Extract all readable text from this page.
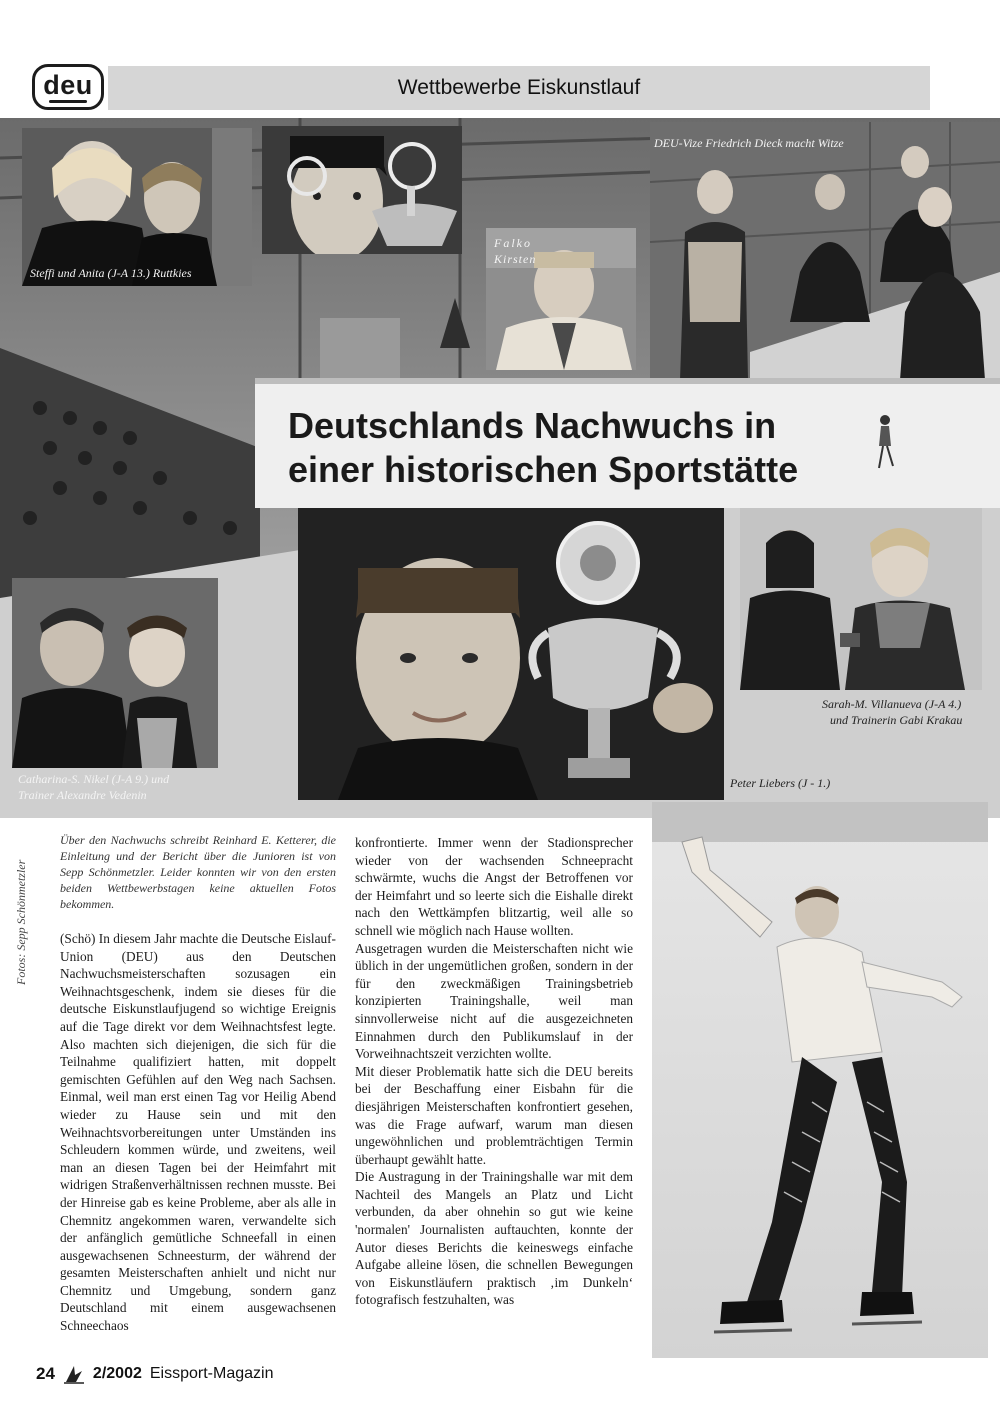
deu	Wettbewerbe Eiskunstlauf
Steffi und Anita (J-A 13.) Ruttkies
Falko
Kirsten
DEU-Vize Friedrich Dieck macht Witze
Deutschlands Nachwuchs in
einer historischen Sportstätte
Catharina-S. Nikel (J-A 9.) und
Trainer Alexandre Vedenin
Peter Liebers (J - 1.)
Sarah-M. Villanueva (J-A 4.)
und Trainerin Gabi Krakau
Fotos: Sepp Schönmetzler

Über den Nachwuchs schreibt Reinhard E. Ketterer, die Einleitung und der Bericht über die Junioren ist von Sepp Schönmetzler. Leider konnten wir von den ersten beiden Wettbewerbstagen keine aktuellen Fotos bekommen.

(Schö) In diesem Jahr machte die Deutsche Eislauf-Union (DEU) aus den Deutschen Nachwuchsmeisterschaften sozusagen ein Weihnachtsgeschenk, indem sie dieses für die deutsche Eiskunstlaufjugend so wichtige Ereignis auf die Tage direkt vor dem Weihnachtsfest legte. Also machten sich diejenigen, die sich für die Teilnahme qualifiziert hatten, mit doppelt gemischten Gefühlen auf den Weg nach Sachsen. Einmal, weil man erst einen Tag vor Heilig Abend wieder zu Hause sein und mit den Weihnachtsvorbereitungen unter Umständen ins Schleudern kommen würde, und zweitens, weil man an diesen Tagen bei der Heimfahrt mit widrigen Straßenverhältnissen rechnen musste. Bei der Hinreise gab es keine Probleme, aber als alle in Chemnitz angekommen waren, verwandelte sich der anfänglich gemütliche Schneefall in einen ausgewachsenen Schneesturm, der während der gesamten Meisterschaften anhielt und nicht nur Chemnitz und Umgebung, sondern ganz Deutschland mit einem ausgewachsenen Schneechaos

konfrontierte. Immer wenn der Stadionsprecher wieder von der wachsenden Schneepracht schwärmte, wuchs die Angst der Betroffenen vor der Heimfahrt und so leerte sich die Eishalle direkt nach den Wettkämpfen blitzartig, weil alle so schnell wie möglich nach Hause wollten.

Ausgetragen wurden die Meisterschaften nicht wie üblich in der ungemütlichen großen, sondern in der für den zweckmäßigen Trainingsbetrieb konzipierten Trainingshalle, weil man sinnvollerweise nicht auf die ausgezeichneten Einnahmen durch den Publikumslauf in der Vorweihnachtszeit verzichten wollte.

Mit dieser Problematik hatte sich die DEU bereits bei der Beschaffung einer Eisbahn für die diesjährigen Meisterschaften konfrontiert gesehen, was die Frage aufwarf, warum man diesen ungewöhnlichen und problemträchtigen Termin überhaupt gewählt hatte.

Die Austragung in der Trainingshalle war mit dem Nachteil des Mangels an Platz und Licht verbunden, da aber ohnehin so gut wie keine 'normalen' Journalisten auftauchten, konnte der Autor dieses Berichts die keineswegs einfache Aufgabe alleine lösen, die schnellen Bewegungen von Eiskunstläufern praktisch ‚im Dunkeln‘ fotografisch festzuhalten, was

24 2/2002 Eissport-Magazin
